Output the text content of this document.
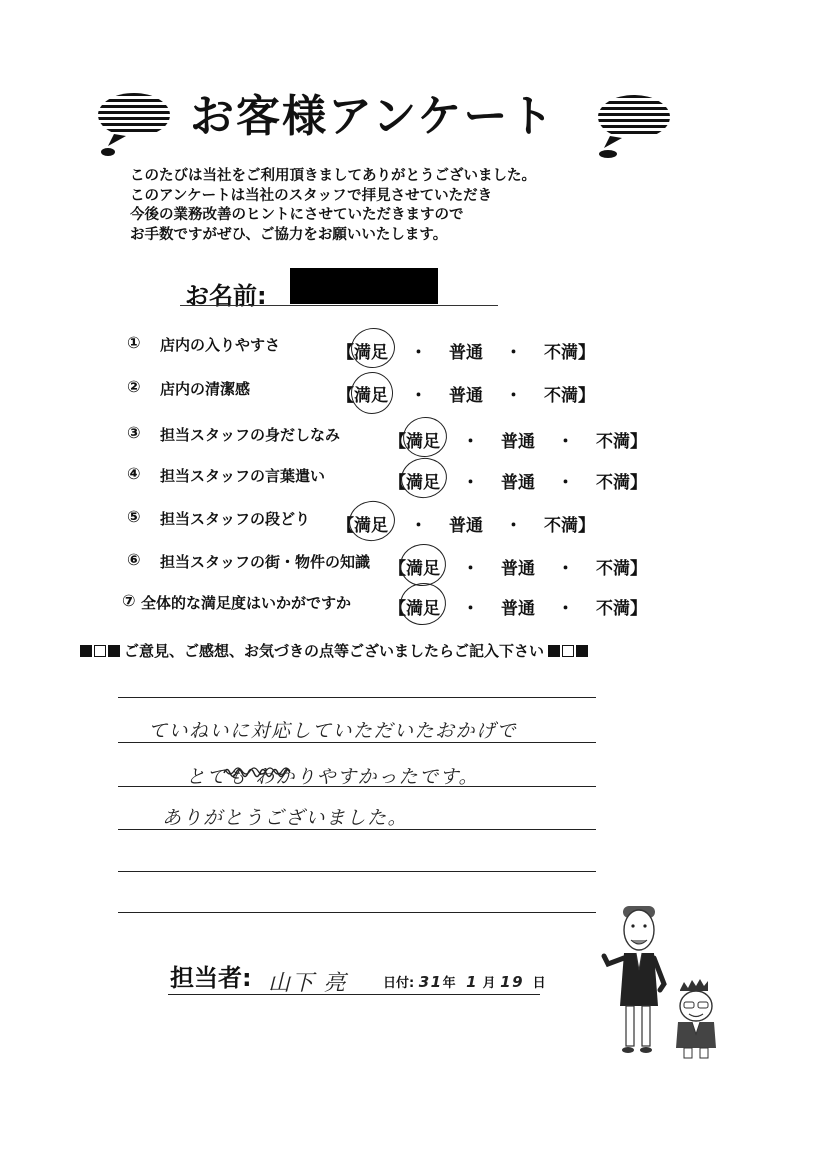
お客様アンケート
このたびは当社をご利用頂きましてありがとうございました。
このアンケートは当社のスタッフで拝見させていただき
今後の業務改善のヒントにさせていただきますので
お手数ですがぜひ、ご協力をお願いいたします。
お名前:
① 店内の入りやすさ	【満足 ・ 普通 ・ 不満】
② 店内の清潔感	【満足 ・ 普通 ・ 不満】
③ 担当スタッフの身だしなみ	【満足 ・ 普通 ・ 不満】
④ 担当スタッフの言葉遣い	【満足 ・ 普通 ・ 不満】
⑤ 担当スタッフの段どり 【満足 ・ 普通 ・ 不満】
⑥ 担当スタッフの街・物件の知識 【満足 ・ 普通 ・ 不満】
⑦ 全体的な満足度はいかがですか 【満足 ・ 普通 ・ 不満】
ご意見、ご感想、お気づきの点等ございましたらご記入下さい
ていねいに対応していただいたおかげで
とても わかりやすかったです。
ありがとうございました。
担当者: 山下 亮	日付: 31年 1 月 19 日
